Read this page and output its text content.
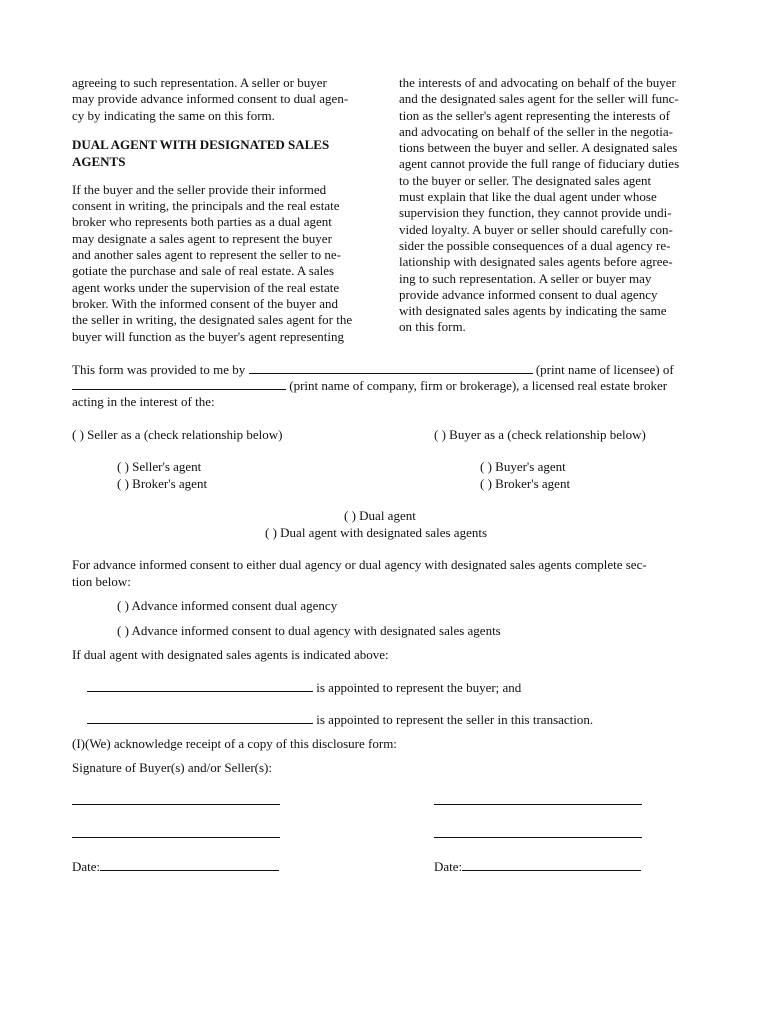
agreeing to such representation. A seller or buyer

may provide advance informed consent to dual agen-

cy by indicating the same on this form.

DUAL AGENT WITH DESIGNATED SALES
AGENTS

If the buyer and the seller provide their informed

consent in writing, the principals and the real estate

broker who represents both parties as a dual agent

may designate a sales agent to represent the buyer

and another sales agent to represent the seller to ne-

gotiate the purchase and sale of real estate. A sales

agent works under the supervision of the real estate

broker. With the informed consent of the buyer and

the seller in writing, the designated sales agent for the

buyer will function as the buyer's agent representing

the interests of and advocating on behalf of the buyer

and the designated sales agent for the seller will func-

tion as the seller's agent representing the interests of

and advocating on behalf of the seller in the negotia-

tions between the buyer and seller. A designated sales

agent cannot provide the full range of fiduciary duties

to the buyer or seller. The designated sales agent

must explain that like the dual agent under whose

supervision they function, they cannot provide undi-

vided loyalty. A buyer or seller should carefully con-

sider the possible consequences of a dual agency re-

lationship with designated sales agents before agree-

ing to such representation. A seller or buyer may

provide advance informed consent to dual agency

with designated sales agents by indicating the same

on this form.

This form was provided to me by	(print name of licensee) of
(print name of company, firm or brokerage), a licensed real estate broker
acting in the interest of the:
( ) Seller as a (check relationship below)	( ) Buyer as a (check relationship below)
( ) Seller's agent
( ) Broker's agent
( ) Buyer's agent
( ) Broker's agent
( ) Dual agent
( ) Dual agent with designated sales agents
For advance informed consent to either dual agency or dual agency with designated sales agents complete sec-
tion below:
( ) Advance informed consent dual agency
( ) Advance informed consent to dual agency with designated sales agents
If dual agent with designated sales agents is indicated above:
is appointed to represent the buyer; and
is appointed to represent the seller in this transaction.
(I)(We) acknowledge receipt of a copy of this disclosure form:
Signature of Buyer(s) and/or Seller(s):
Date:	Date:
